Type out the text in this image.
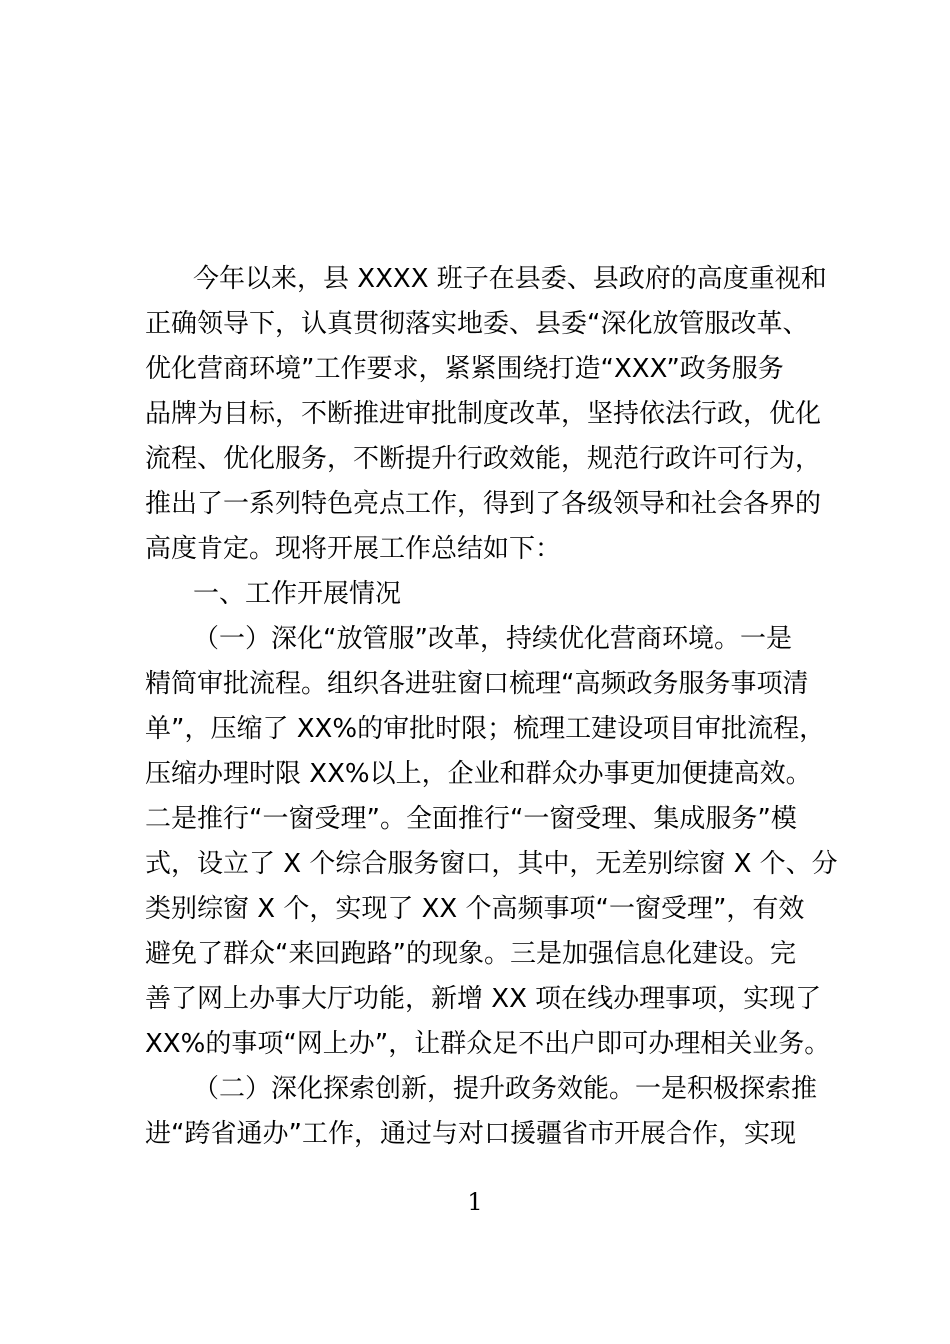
今年以来，县 XXXX 班子在县委、县政府的高度重视和
正确领导下，认真贯彻落实地委、县委“深化放管服改革、
优化营商环境”工作要求，紧紧围绕打造“XXX”政务服务
品牌为目标，不断推进审批制度改革，坚持依法行政，优化
流程、优化服务，不断提升行政效能，规范行政许可行为，
推出了一系列特色亮点工作，得到了各级领导和社会各界的
高度肯定。现将开展工作总结如下：
一、工作开展情况
（一）深化“放管服”改革，持续优化营商环境。一是
精简审批流程。组织各进驻窗口梳理“高频政务服务事项清
单”，压缩了 XX%的审批时限；梳理工建设项目审批流程，
压缩办理时限 XX%以上，企业和群众办事更加便捷高效。
二是推行“一窗受理”。全面推行“一窗受理、集成服务”模
式，设立了 X 个综合服务窗口，其中，无差别综窗 X 个、分
类别综窗 X 个，实现了 XX 个高频事项“一窗受理”，有效
避免了群众“来回跑路”的现象。三是加强信息化建设。完
善了网上办事大厅功能，新增 XX 项在线办理事项，实现了
XX%的事项“网上办”，让群众足不出户即可办理相关业务。
（二）深化探索创新，提升政务效能。一是积极探索推
进“跨省通办”工作，通过与对口援疆省市开展合作，实现
1
